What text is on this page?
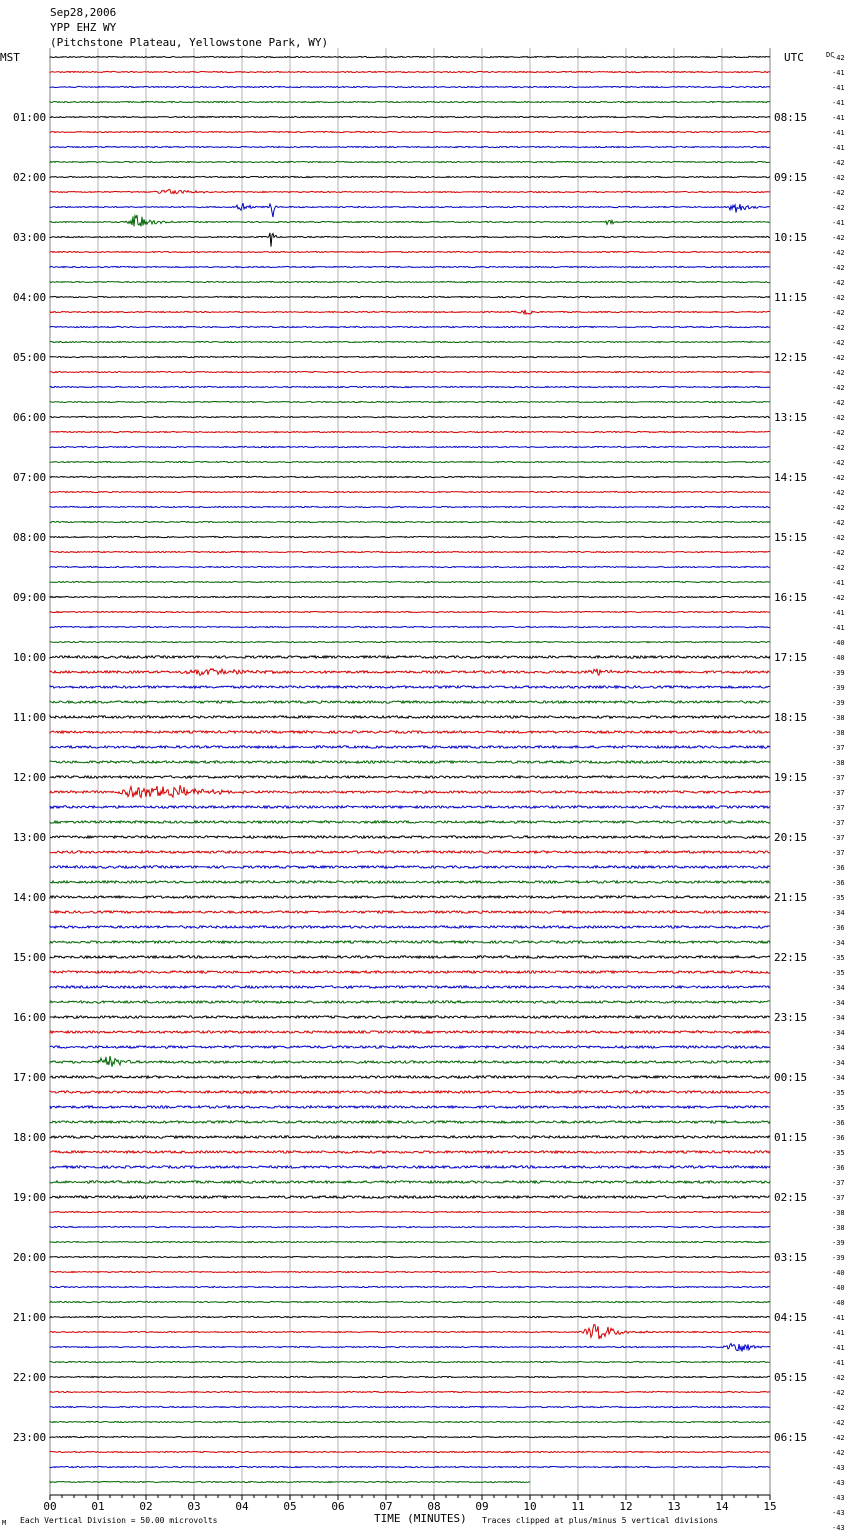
01:00
02:00
03:00
04:00
05:00
06:00
07:00
08:00
09:00
10:00
11:00
12:00
13:00
14:00
15:00
16:00
17:00
18:00
19:00
20:00
21:00
22:00
23:00
08:15
09:15
10:15
11:15
12:15
13:15
14:15
15:15
16:15
17:15
18:15
19:15
20:15
21:15
22:15
23:15
00:15
01:15
02:15
03:15
04:15
05:15
06:15
-42
-41
-41
-41
-41
-41
-41
-42
-42
-42
-42
-41
-42
-42
-42
-42
-42
-42
-42
-42
-42
-42
-42
-42
-42
-42
-42
-42
-42
-42
-42
-42
-42
-42
-42
-41
-42
-41
-41
-40
-40
-39
-39
-39
-38
-38
-37
-38
-37
-37
-37
-37
-37
-37
-36
-36
-35
-34
-36
-34
-35
-35
-34
-34
-34
-34
-34
-34
-34
-35
-35
-36
-36
-35
-36
-37
-37
-38
-38
-39
-39
-40
-40
-40
-41
-41
-41
-41
-42
-42
-42
-42
-42
-42
-43
-43
-43
-43
-43
00	01	02	03	04	05	06	07	08	09	10	11	12	13	14	15
Sep28,2006
YPP EHZ WY
(Pitchstone Plateau, Yellowstone Park, WY)
MST	UTC	DC
TIME (MINUTES)
Each Vertical Division = 50.00 microvolts	Traces clipped at plus/minus 5 vertical divisions
M
